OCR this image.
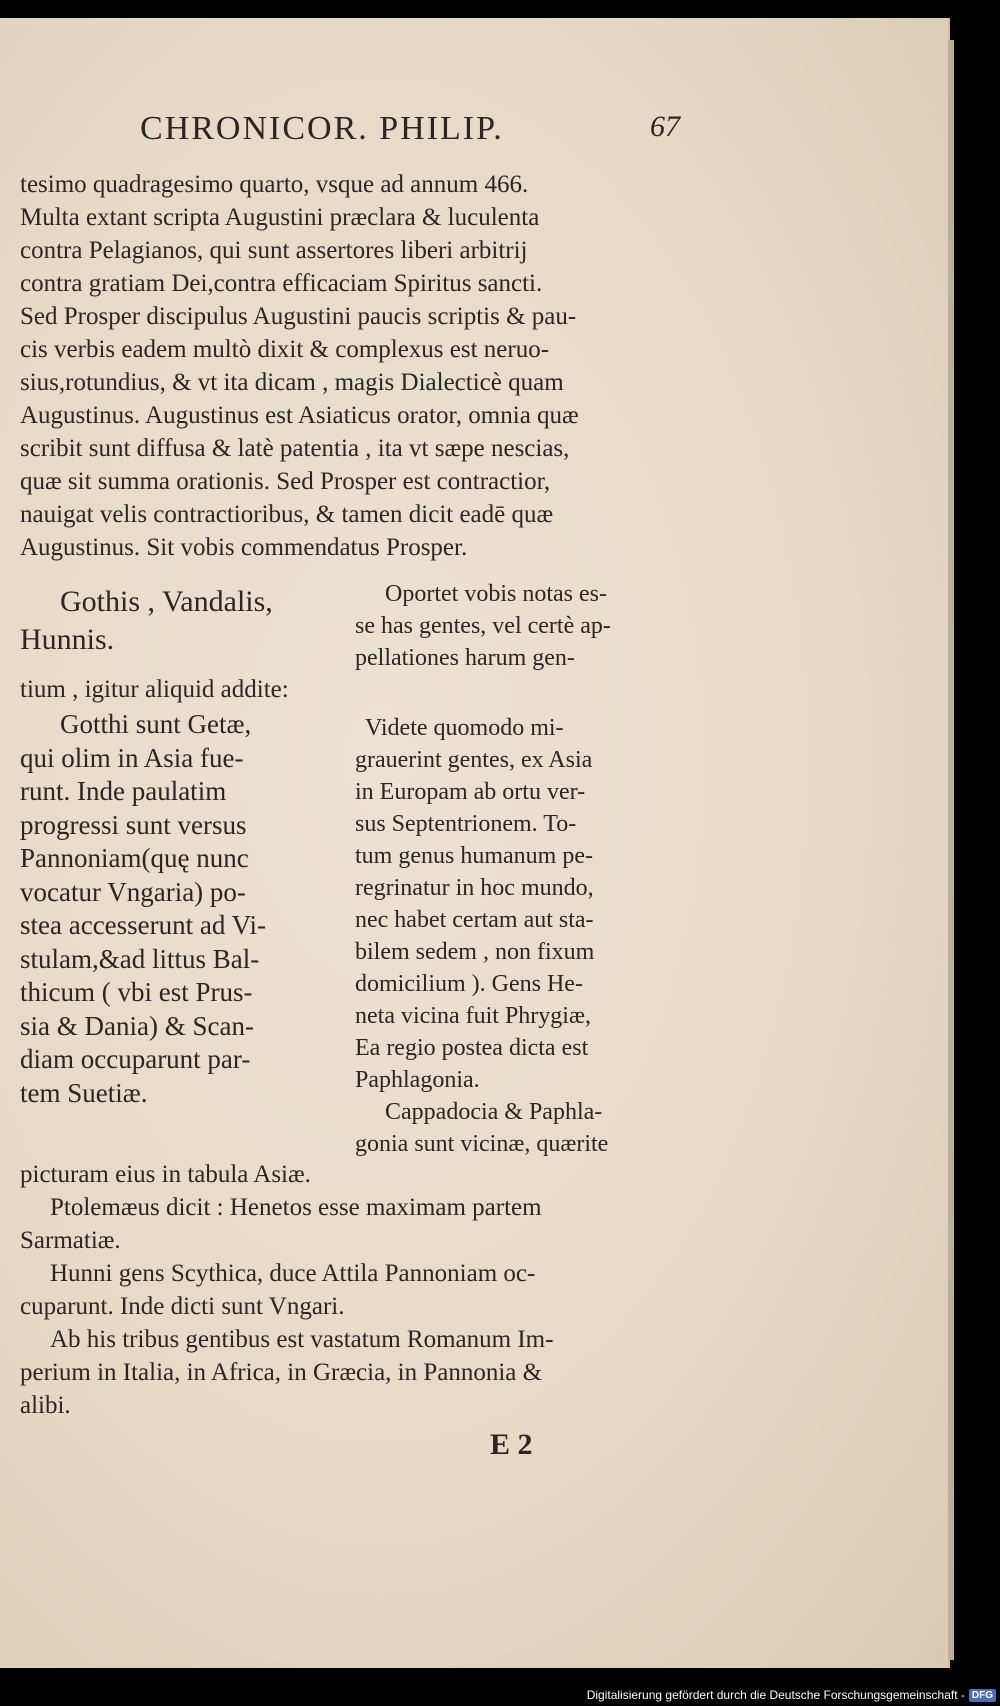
CHRONICOR. PHILIP.	67
tesimo quadragesimo quarto, vsque ad annum 466.
Multa extant scripta Augustini præclara & luculenta
contra Pelagianos, qui sunt assertores liberi arbitrij
contra gratiam Dei,contra efficaciam Spiritus sancti.
Sed Prosper discipulus Augustini paucis scriptis & pau-
cis verbis eadem multò dixit & complexus est neruo-
sius,rotundius, & vt ita dicam , magis Dialecticè quam
Augustinus. Augustinus est Asiaticus orator, omnia quæ
scribit sunt diffusa & latè patentia , ita vt sæpe nescias,
quæ sit summa orationis. Sed Prosper est contractior,
nauigat velis contractioribus, & tamen dicit eadē quæ
Augustinus. Sit vobis commendatus Prosper.
Gothis , Vandalis,
Hunnis.
Oportet vobis notas es-
se has gentes, vel certè ap-
pellationes harum gen-
tium , igitur aliquid addite:
Gotthi sunt Getæ,
qui olim in Asia fue-
runt. Inde paulatim
progressi sunt versus
Pannoniam(quę nunc
vocatur Vngaria) po-
stea accesserunt ad Vi-
stulam,&ad littus Bal-
thicum ( vbi est Prus-
sia & Dania) & Scan-
diam occuparunt par-
tem Suetiæ.
Videte quomodo mi-
grauerint gentes, ex Asia
in Europam ab ortu ver-
sus Septentrionem. To-
tum genus humanum pe-
regrinatur in hoc mundo,
nec habet certam aut sta-
bilem sedem , non fixum
domicilium ). Gens He-
neta vicina fuit Phrygiæ,
Ea regio postea dicta est
Paphlagonia.
Cappadocia & Paphla-
gonia sunt vicinæ, quærite
picturam eius in tabula Asiæ.
Ptolemæus dicit : Henetos esse maximam partem
Sarmatiæ.
Hunni gens Scythica, duce Attila Pannoniam oc-
cuparunt. Inde dicti sunt Vngari.
Ab his tribus gentibus est vastatum Romanum Im-
perium in Italia, in Africa, in Græcia, in Pannonia &
alibi.
E 2
Digitalisierung gefördert durch die Deutsche Forschungsgemeinschaft - DFG
